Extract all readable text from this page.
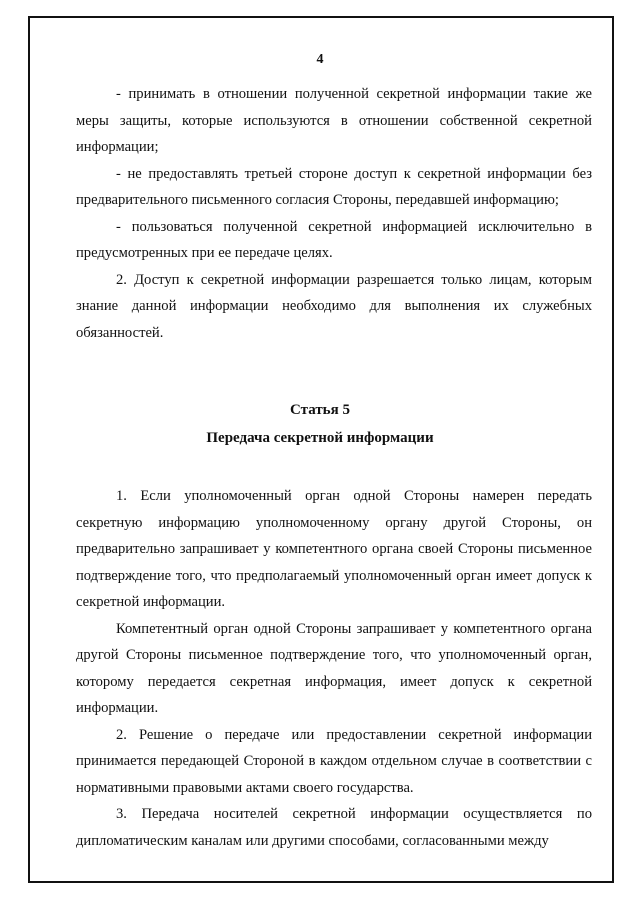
4

- принимать в отношении полученной секретной информации такие же меры защиты, которые используются в отношении собственной секретной информации;

- не предоставлять третьей стороне доступ к секретной информации без предварительного письменного согласия Стороны, передавшей информацию;

- пользоваться полученной секретной информацией исключительно в предусмотренных при ее передаче целях.

2. Доступ к секретной информации разрешается только лицам, которым знание данной информации необходимо для выполнения их служебных обязанностей.

Статья 5
Передача секретной информации

1. Если уполномоченный орган одной Стороны намерен передать секретную информацию уполномоченному органу другой Стороны, он предварительно запрашивает у компетентного органа своей Стороны письменное подтверждение того, что предполагаемый уполномоченный орган имеет допуск к секретной информации.

Компетентный орган одной Стороны запрашивает у компетентного органа другой Стороны письменное подтверждение того, что уполномоченный орган, которому передается секретная информация, имеет допуск к секретной информации.

2. Решение о передаче или предоставлении секретной информации принимается передающей Стороной в каждом отдельном случае в соответствии с нормативными правовыми актами своего государства.

3. Передача носителей секретной информации осуществляется по дипломатическим каналам или другими способами, согласованными между
